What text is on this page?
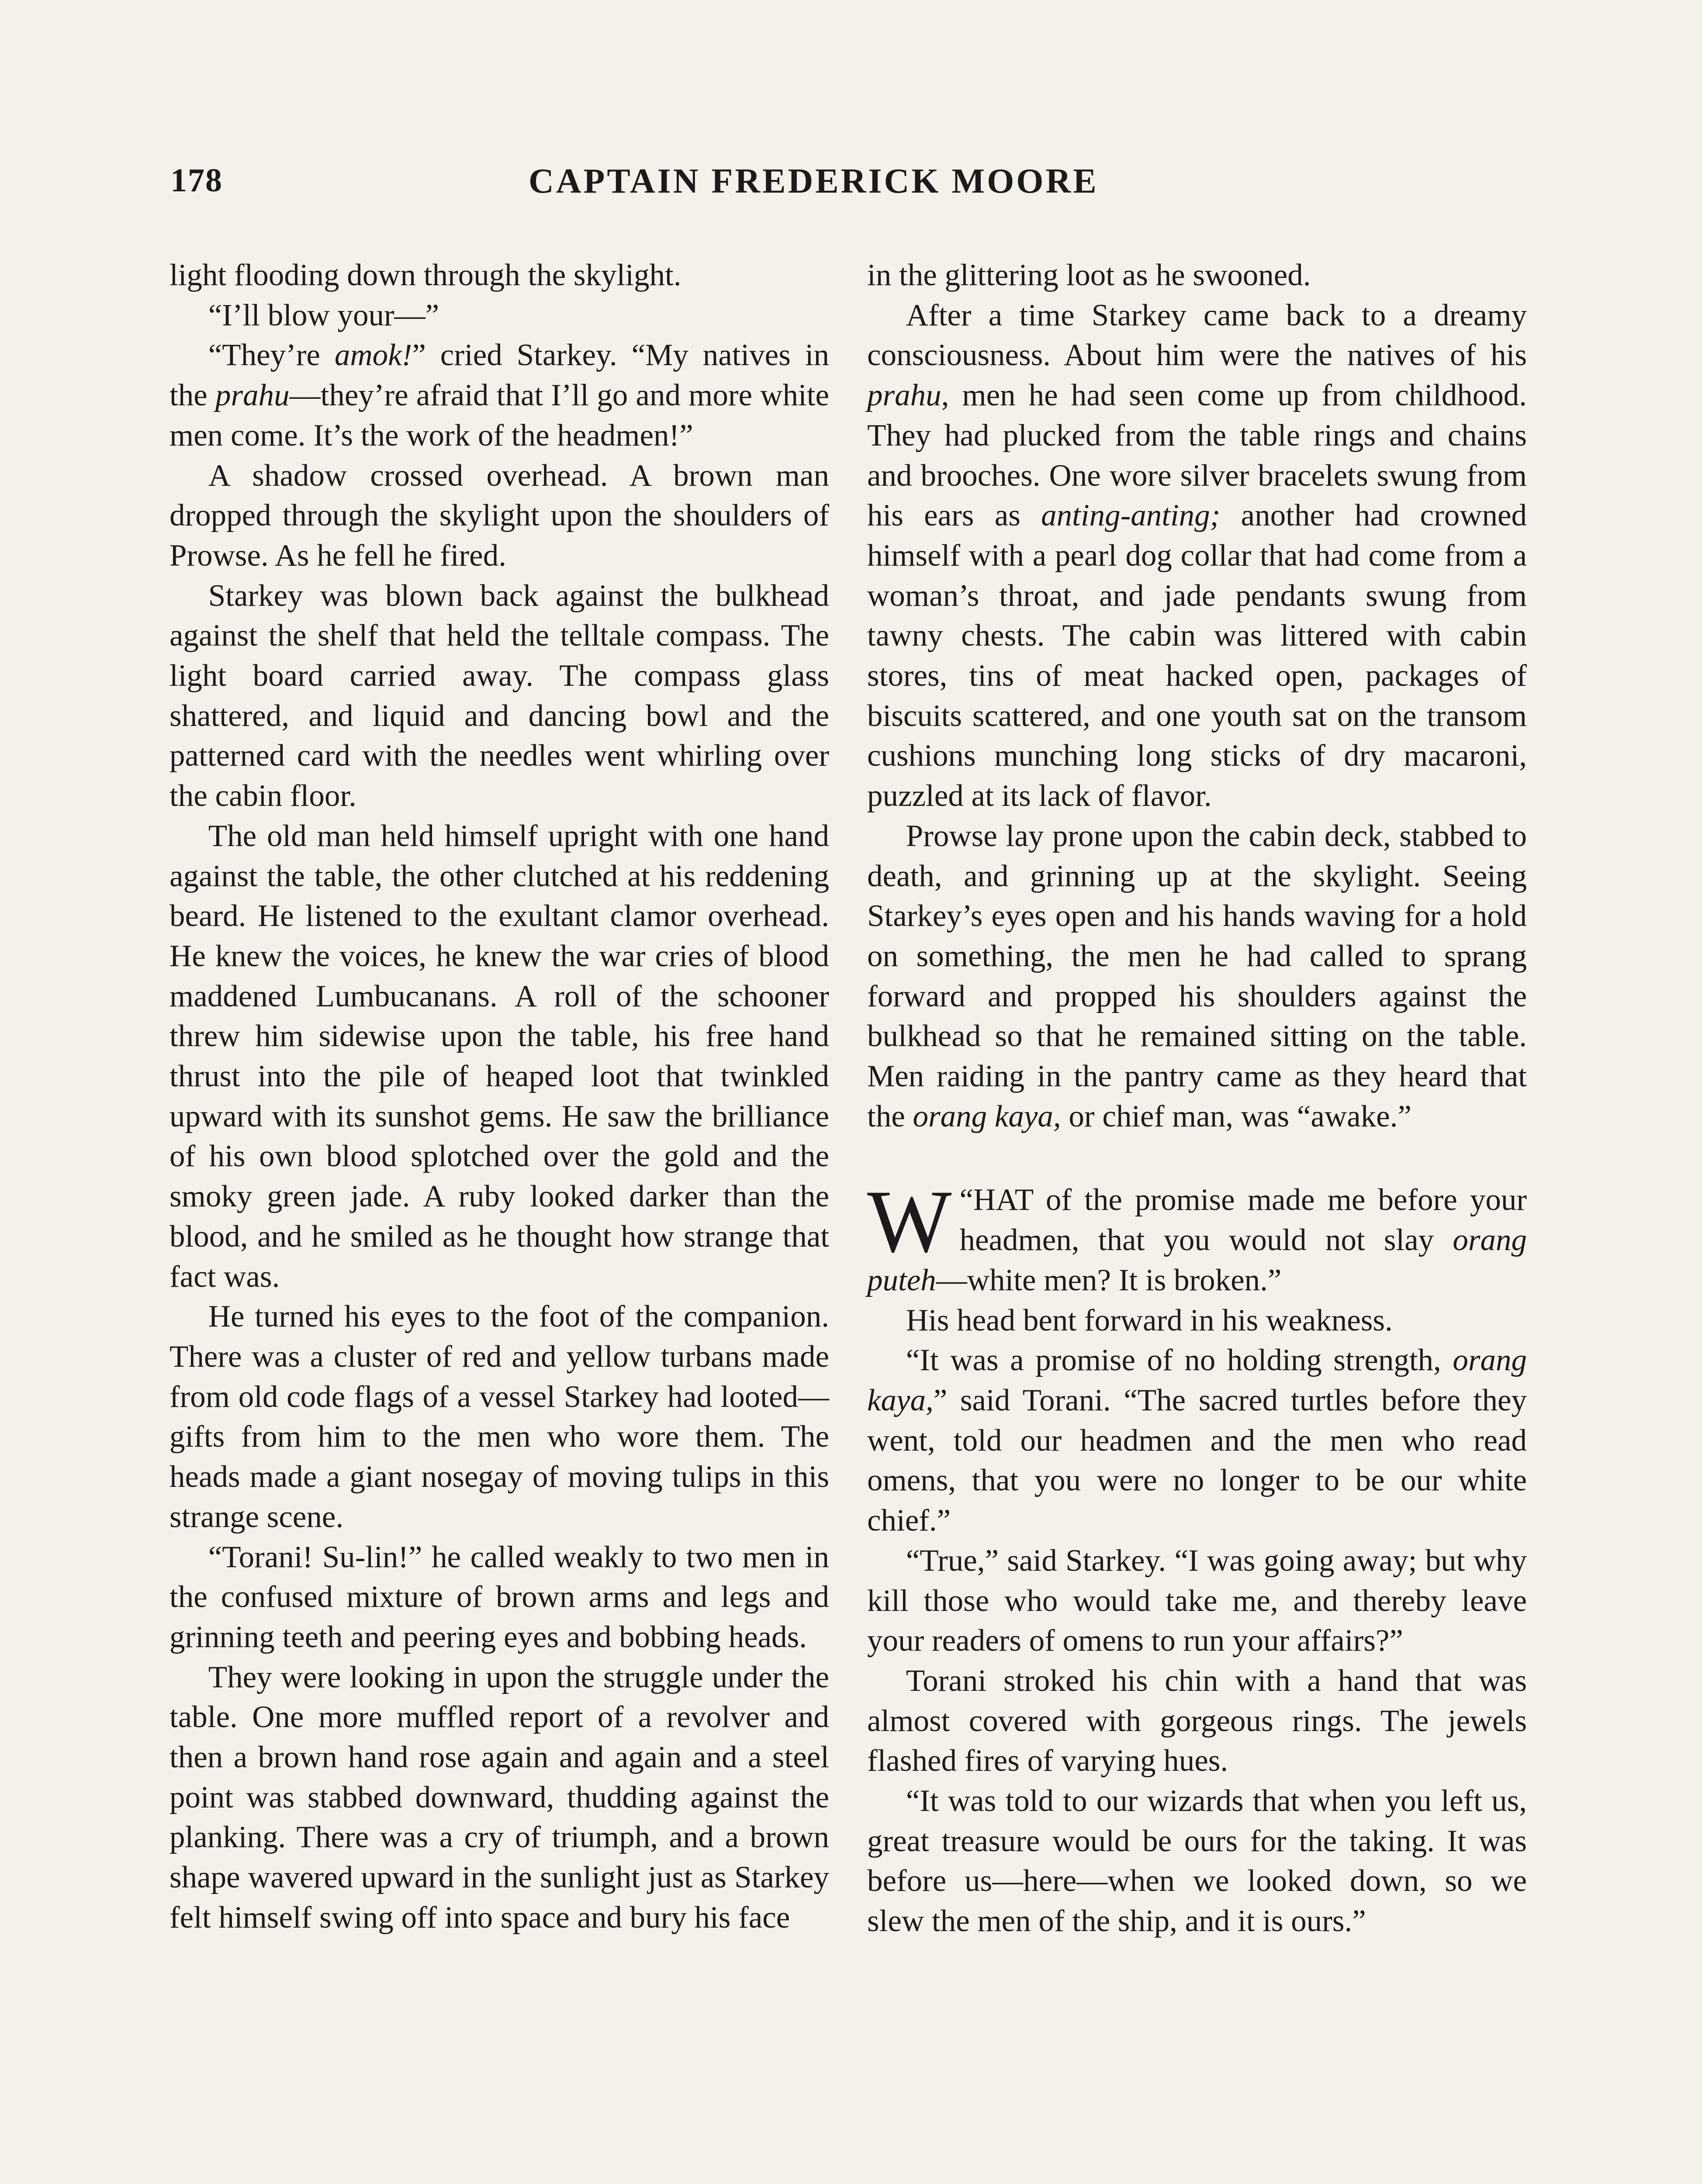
178	CAPTAIN FREDERICK MOORE

light flooding down through the skylight.

“I’ll blow your—”

“They’re amok!” cried Starkey. “My natives in the prahu—they’re afraid that I’ll go and more white men come. It’s the work of the headmen!”

A shadow crossed overhead. A brown man dropped through the skylight upon the shoulders of Prowse. As he fell he fired.

Starkey was blown back against the bulkhead against the shelf that held the telltale compass. The light board carried away. The compass glass shattered, and liquid and dancing bowl and the patterned card with the needles went whirling over the cabin floor.

The old man held himself upright with one hand against the table, the other clutched at his reddening beard. He listened to the exultant clamor overhead. He knew the voices, he knew the war cries of blood maddened Lumbucanans. A roll of the schooner threw him sidewise upon the table, his free hand thrust into the pile of heaped loot that twinkled upward with its sunshot gems. He saw the brilliance of his own blood splotched over the gold and the smoky green jade. A ruby looked darker than the blood, and he smiled as he thought how strange that fact was.

He turned his eyes to the foot of the companion. There was a cluster of red and yellow turbans made from old code flags of a vessel Starkey had looted—gifts from him to the men who wore them. The heads made a giant nosegay of moving tulips in this strange scene.

“Torani! Su-lin!” he called weakly to two men in the confused mixture of brown arms and legs and grinning teeth and peering eyes and bobbing heads.

They were looking in upon the struggle under the table. One more muffled report of a revolver and then a brown hand rose again and again and a steel point was stabbed downward, thudding against the planking. There was a cry of triumph, and a brown shape wavered upward in the sunlight just as Starkey felt himself swing off into space and bury his face

in the glittering loot as he swooned.

After a time Starkey came back to a dreamy consciousness. About him were the natives of his prahu, men he had seen come up from childhood. They had plucked from the table rings and chains and brooches. One wore silver bracelets swung from his ears as anting-anting; another had crowned himself with a pearl dog collar that had come from a woman’s throat, and jade pendants swung from tawny chests. The cabin was littered with cabin stores, tins of meat hacked open, packages of biscuits scattered, and one youth sat on the transom cushions munching long sticks of dry macaroni, puzzled at its lack of flavor.

Prowse lay prone upon the cabin deck, stabbed to death, and grinning up at the skylight. Seeing Starkey’s eyes open and his hands waving for a hold on something, the men he had called to sprang forward and propped his shoulders against the bulkhead so that he remained sitting on the table. Men raiding in the pantry came as they heard that the orang kaya, or chief man, was “awake.”

“
W HAT of the promise made me before your headmen, that you would not slay orang puteh—white men? It is broken.”

His head bent forward in his weakness.

“It was a promise of no holding strength, orang kaya,” said Torani. “The sacred turtles before they went, told our headmen and the men who read omens, that you were no longer to be our white chief.”

“True,” said Starkey. “I was going away; but why kill those who would take me, and thereby leave your readers of omens to run your affairs?”

Torani stroked his chin with a hand that was almost covered with gorgeous rings. The jewels flashed fires of varying hues.

“It was told to our wizards that when you left us, great treasure would be ours for the taking. It was before us—here—when we looked down, so we slew the men of the ship, and it is ours.”
